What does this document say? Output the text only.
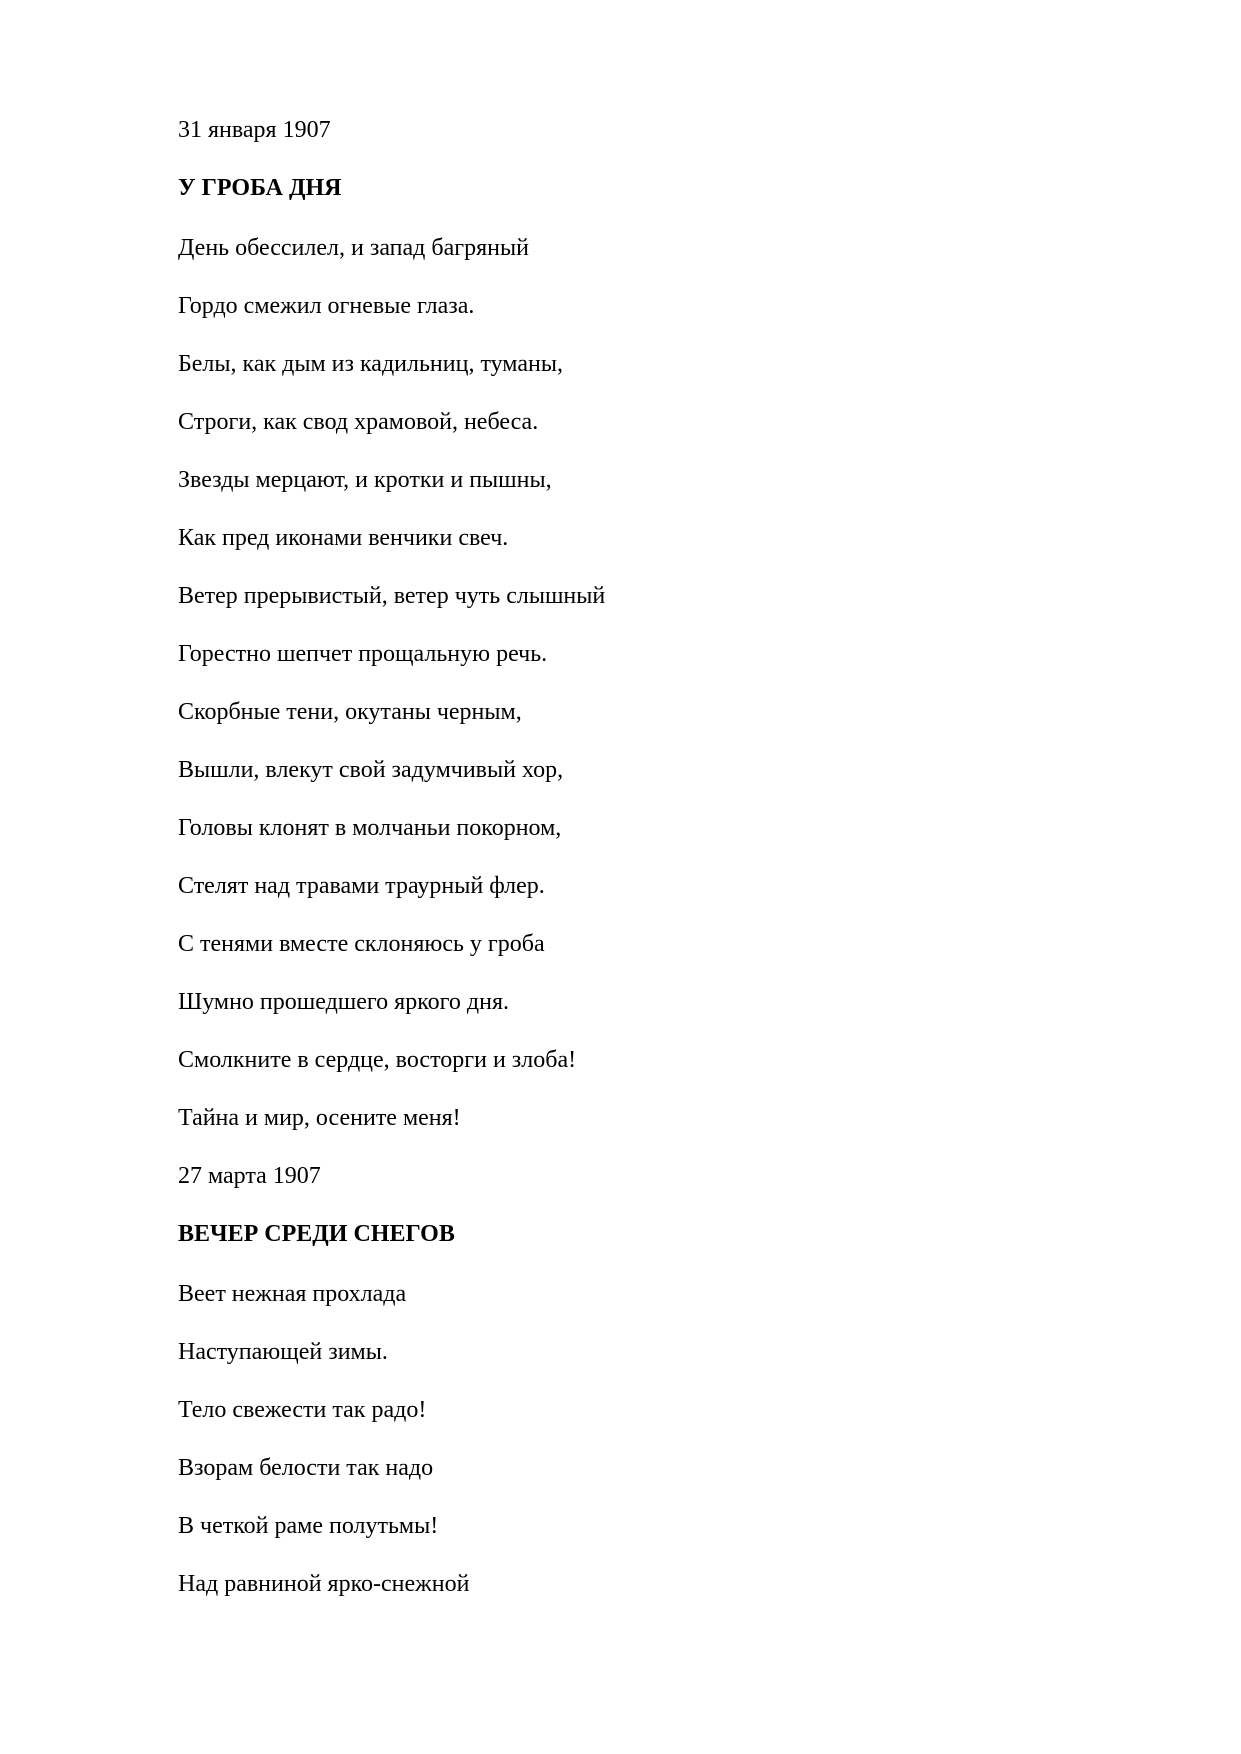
31 января 1907
У ГРОБА ДНЯ
День обессилел, и запад багряный
Гордо смежил огневые глаза.
Белы, как дым из кадильниц, туманы,
Строги, как свод храмовой, небеса.
Звезды мерцают, и кротки и пышны,
Как пред иконами венчики свеч.
Ветер прерывистый, ветер чуть слышный
Горестно шепчет прощальную речь.
Скорбные тени, окутаны черным,
Вышли, влекут свой задумчивый хор,
Головы клонят в молчаньи покорном,
Стелят над травами траурный флер.
С тенями вместе склоняюсь у гроба
Шумно прошедшего яркого дня.
Смолкните в сердце, восторги и злоба!
Тайна и мир, осените меня!
27 марта 1907
ВЕЧЕР СРЕДИ СНЕГОВ
Веет нежная прохлада
Наступающей зимы.
Тело свежести так радо!
Взорам белости так надо
В четкой раме полутьмы!
Над равниной ярко-снежной
